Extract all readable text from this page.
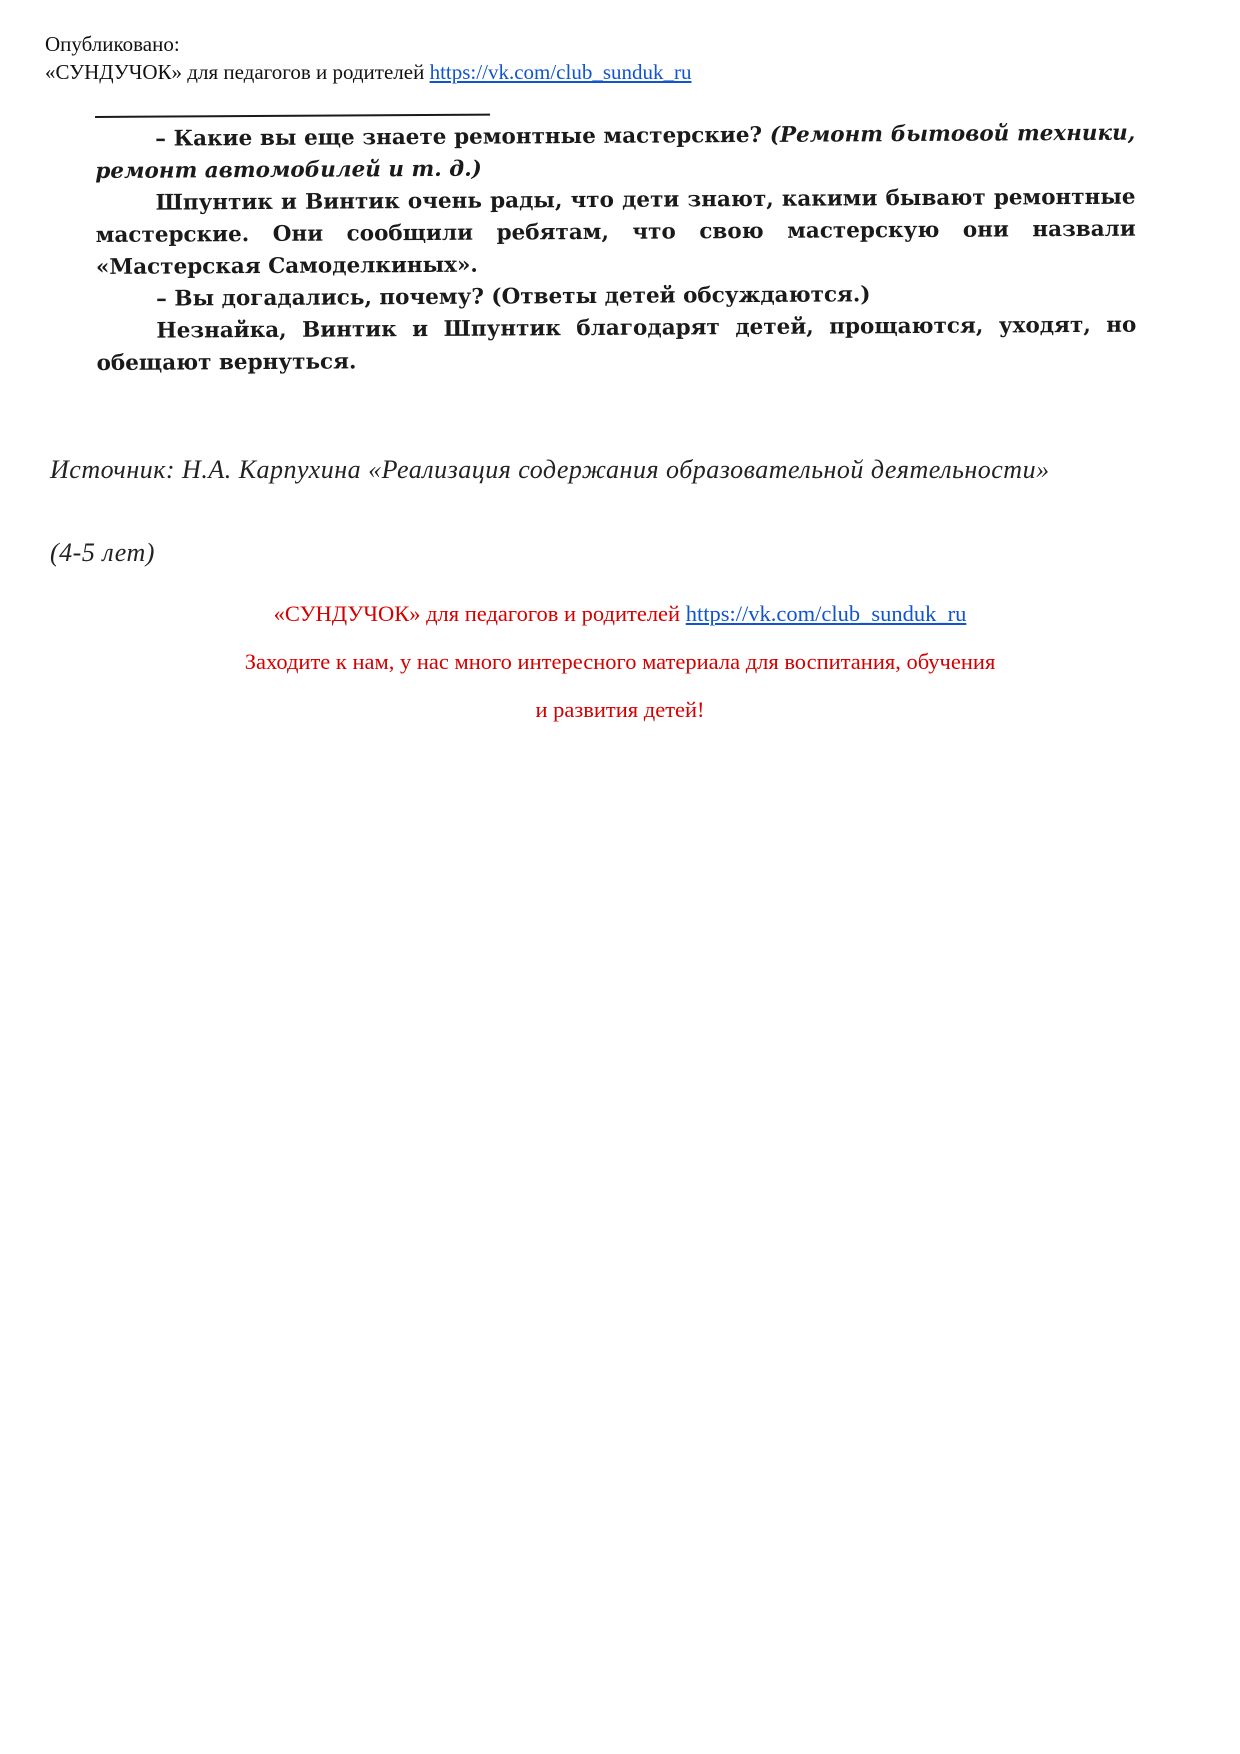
Опубликовано:
«СУНДУЧОК» для педагогов и родителей https://vk.com/club_sunduk_ru

– Какие вы еще знаете ремонтные мастерские? (Ремонт бытовой техники, ремонт автомобилей и т. д.)

Шпунтик и Винтик очень рады, что дети знают, какими бывают ремонтные мастерские. Они сообщили ребятам, что свою мастерскую они назвали «Мастерская Самоделкиных».

– Вы догадались, почему? (Ответы детей обсуждаются.)

Незнайка, Винтик и Шпунтик благодарят детей, прощаются, уходят, но обещают вернуться.

Источник: Н.А. Карпухина «Реализация содержания образовательной деятельности»
(4-5 лет)

«СУНДУЧОК» для педагогов и родителей https://vk.com/club_sunduk_ru

Заходите к нам, у нас много интересного материала для воспитания, обучения

и развития детей!
